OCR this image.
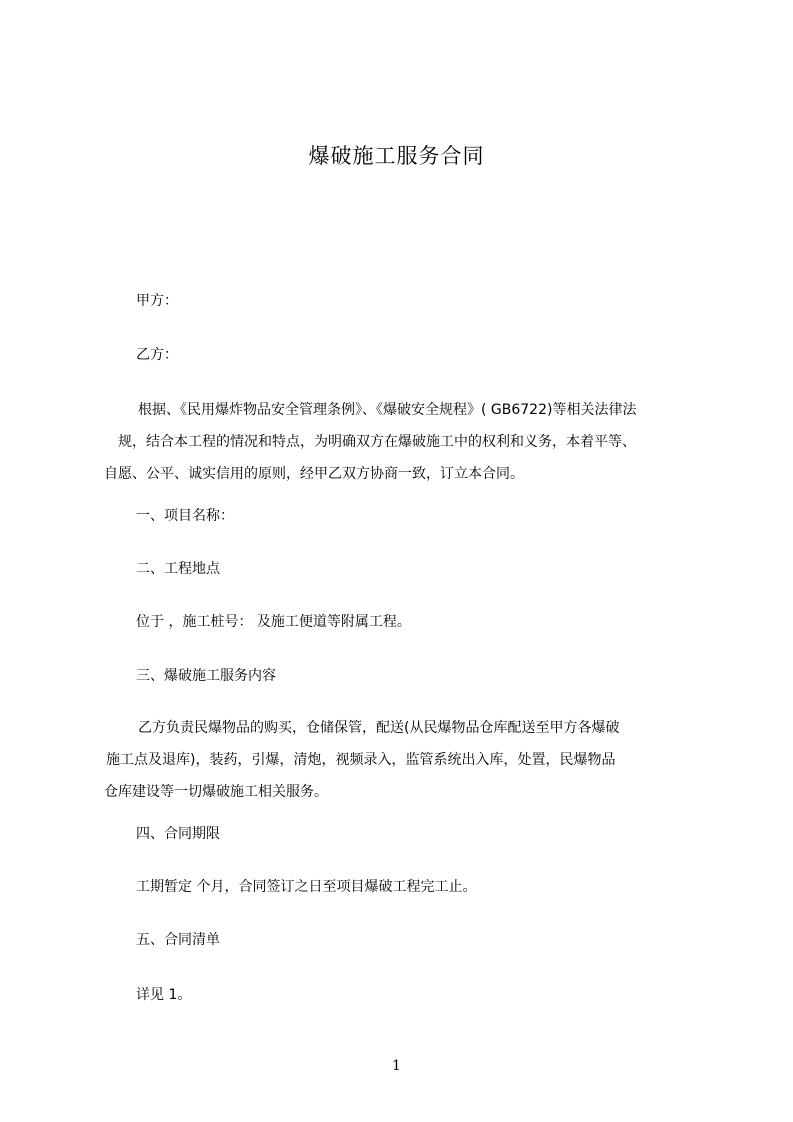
爆破施工服务合同
甲方：
乙方：
根据、《民用爆炸物品安全管理条例》、《爆破安全规程》( GB6722)等相关法律法
规，结合本工程的情况和特点，为明确双方在爆破施工中的权利和义务，本着平等、
自愿、公平、诚实信用的原则，经甲乙双方协商一致，订立本合同。
一、项目名称：
二、工程地点
位于 ，施工桩号： 及施工便道等附属工程。
三、爆破施工服务内容
乙方负责民爆物品的购买，仓储保管，配送(从民爆物品仓库配送至甲方各爆破
施工点及退库)，装药，引爆，清炮，视频录入，监管系统出入库，处置，民爆物品
仓库建设等一切爆破施工相关服务。
四、合同期限
工期暂定 个月，合同签订之日至项目爆破工程完工止。
五、合同清单
详见 1。
1
